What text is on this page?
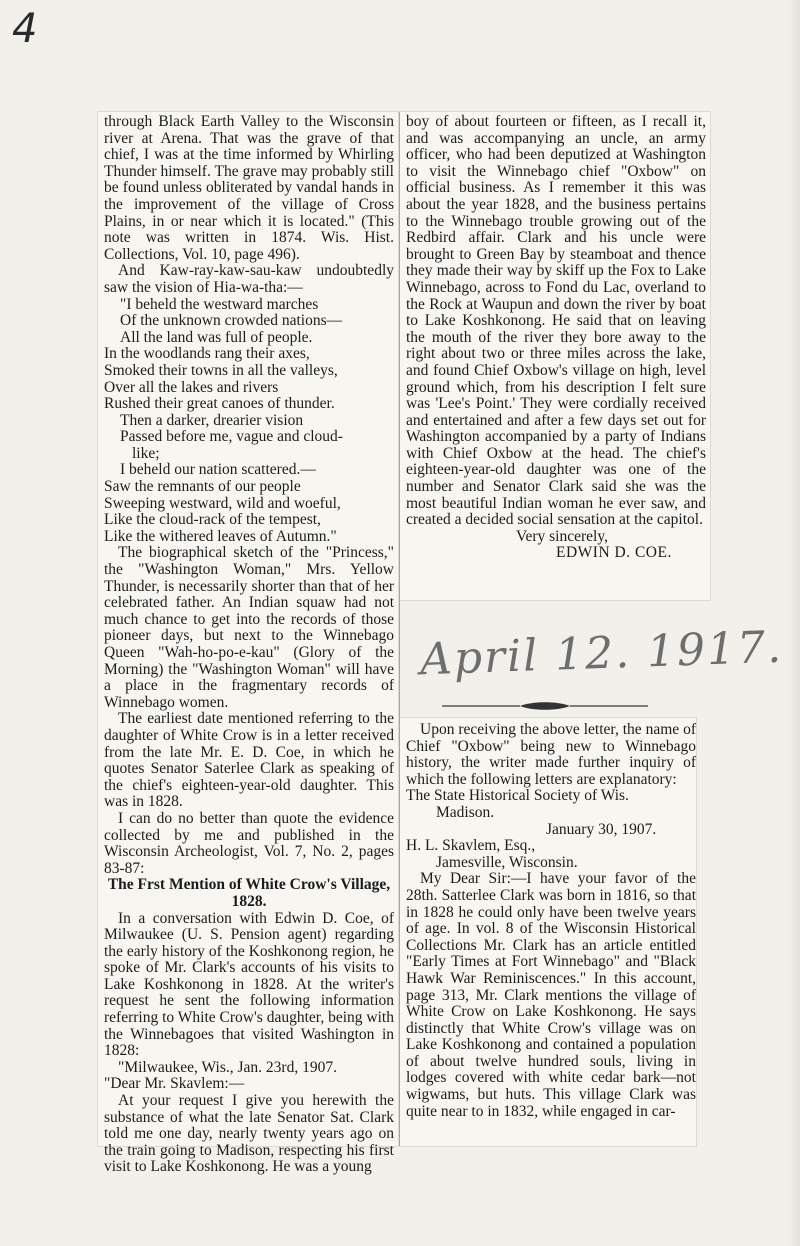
4

through Black Earth Valley to the Wisconsin river at Arena. That was the grave of that chief, I was at the time informed by Whirling Thunder himself. The grave may probably still be found unless obliterated by vandal hands in the improvement of the village of Cross Plains, in or near which it is located." (This note was written in 1874. Wis. Hist. Collections, Vol. 10, page 496).

And Kaw-ray-kaw-sau-kaw undoubtedly saw the vision of Hia-wa-tha:—

"I beheld the westward marches

Of the unknown crowded nations—

All the land was full of people.

In the woodlands rang their axes,

Smoked their towns in all the valleys,

Over all the lakes and rivers

Rushed their great canoes of thunder.

Then a darker, drearier vision

Passed before me, vague and cloud-

like;

I beheld our nation scattered.—

Saw the remnants of our people

Sweeping westward, wild and woeful,

Like the cloud-rack of the tempest,

Like the withered leaves of Autumn."

The biographical sketch of the "Princess," the "Washington Woman," Mrs. Yellow Thunder, is necessarily shorter than that of her celebrated father. An Indian squaw had not much chance to get into the records of those pioneer days, but next to the Winnebago Queen "Wah-ho-po-e-kau" (Glory of the Morning) the "Washington Woman" will have a place in the fragmentary records of Winnebago women.

The earliest date mentioned referring to the daughter of White Crow is in a letter received from the late Mr. E. D. Coe, in which he quotes Senator Saterlee Clark as speaking of the chief's eighteen-year-old daughter. This was in 1828.

I can do no better than quote the evidence collected by me and published in the Wisconsin Archeologist, Vol. 7, No. 2, pages 83-87:

The Frst Mention of White Crow's Village, 1828.

In a conversation with Edwin D. Coe, of Milwaukee (U. S. Pension agent) regarding the early history of the Koshkonong region, he spoke of Mr. Clark's accounts of his visits to Lake Koshkonong in 1828. At the writer's request he sent the following information referring to White Crow's daughter, being with the Winnebagoes that visited Washington in 1828:

"Milwaukee, Wis., Jan. 23rd, 1907.

"Dear Mr. Skavlem:—

At your request I give you herewith the substance of what the late Senator Sat. Clark told me one day, nearly twenty years ago on the train going to Madison, respecting his first visit to Lake Koshkonong. He was a young

boy of about fourteen or fifteen, as I recall it, and was accompanying an uncle, an army officer, who had been deputized at Washington to visit the Winnebago chief "Oxbow" on official business. As I remember it this was about the year 1828, and the business pertains to the Winnebago trouble growing out of the Redbird affair. Clark and his uncle were brought to Green Bay by steamboat and thence they made their way by skiff up the Fox to Lake Winnebago, across to Fond du Lac, overland to the Rock at Waupun and down the river by boat to Lake Koshkonong. He said that on leaving the mouth of the river they bore away to the right about two or three miles across the lake, and found Chief Oxbow's village on high, level ground which, from his description I felt sure was 'Lee's Point.' They were cordially received and entertained and after a few days set out for Washington accompanied by a party of Indians with Chief Oxbow at the head. The chief's eighteen-year-old daughter was one of the number and Senator Clark said she was the most beautiful Indian woman he ever saw, and created a decided social sensation at the capitol.

Very sincerely,

EDWIN D. COE.

April 12. 1917.

Upon receiving the above letter, the name of Chief "Oxbow" being new to Winnebago history, the writer made further inquiry of which the following letters are explanatory:

The State Historical Society of Wis.

Madison.

January 30, 1907.

H. L. Skavlem, Esq.,

Jamesville, Wisconsin.

My Dear Sir:—I have your favor of the 28th. Satterlee Clark was born in 1816, so that in 1828 he could only have been twelve years of age. In vol. 8 of the Wisconsin Historical Collections Mr. Clark has an article entitled "Early Times at Fort Winnebago" and "Black Hawk War Reminiscences." In this account, page 313, Mr. Clark mentions the village of White Crow on Lake Koshkonong. He says distinctly that White Crow's village was on Lake Koshkonong and contained a population of about twelve hundred souls, living in lodges covered with white cedar bark—not wigwams, but huts. This village Clark was quite near to in 1832, while engaged in car-
